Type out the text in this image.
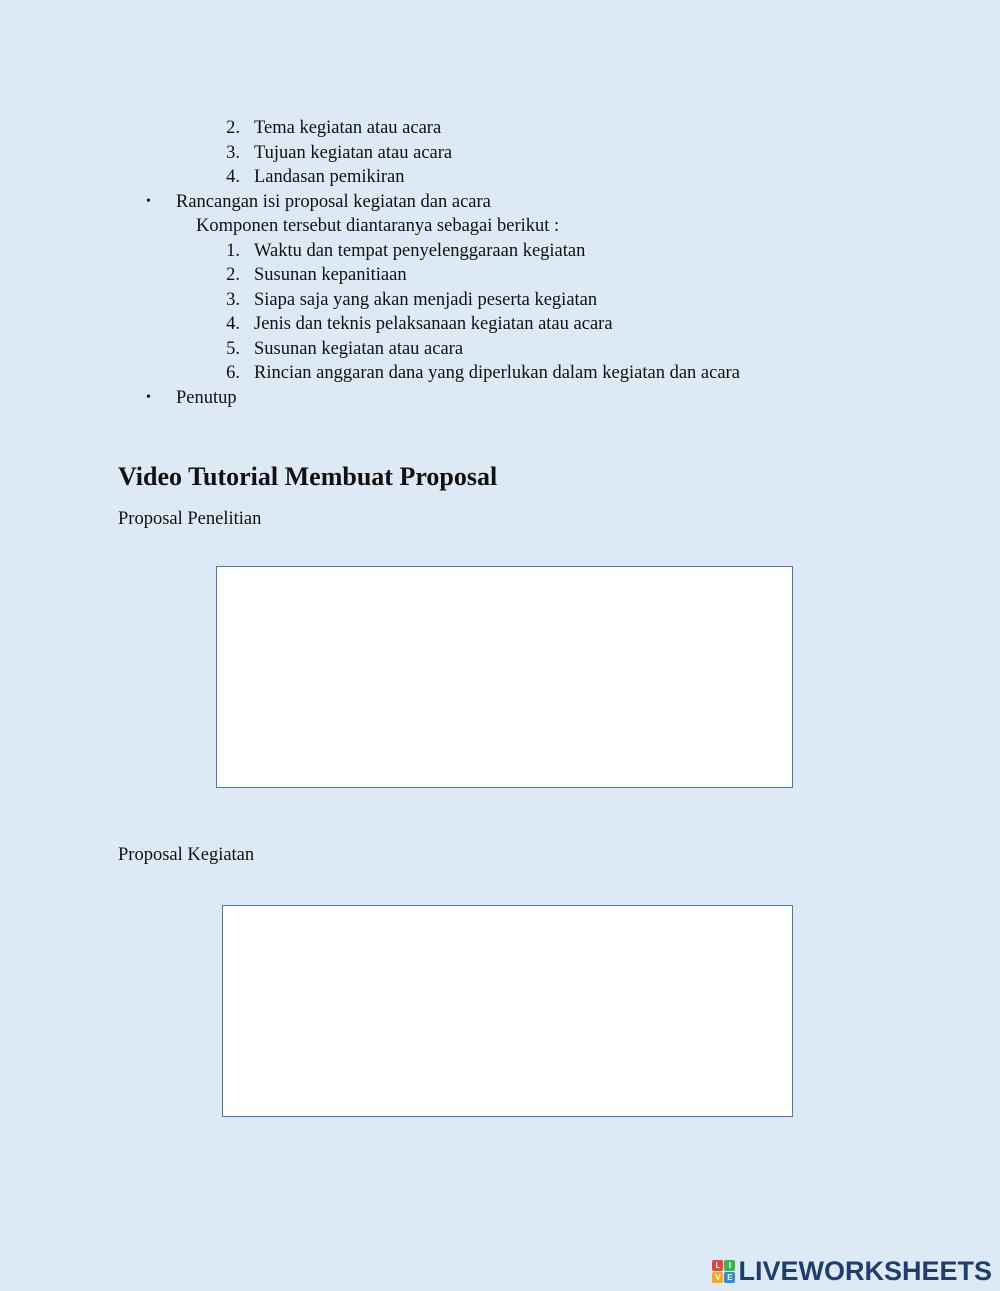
2. Tema kegiatan atau acara
3. Tujuan kegiatan atau acara
4. Landasan pemikiran
• Rancangan isi proposal kegiatan dan acara
Komponen tersebut diantaranya sebagai berikut :
1. Waktu dan tempat penyelenggaraan kegiatan
2. Susunan kepanitiaan
3. Siapa saja yang akan menjadi peserta kegiatan
4. Jenis dan teknis pelaksanaan kegiatan atau acara
5. Susunan kegiatan atau acara
6. Rincian anggaran dana yang diperlukan dalam kegiatan dan acara
• Penutup
Video Tutorial Membuat Proposal
Proposal Penelitian
Proposal Kegiatan
L	I
V E LIVEWORKSHEETS
